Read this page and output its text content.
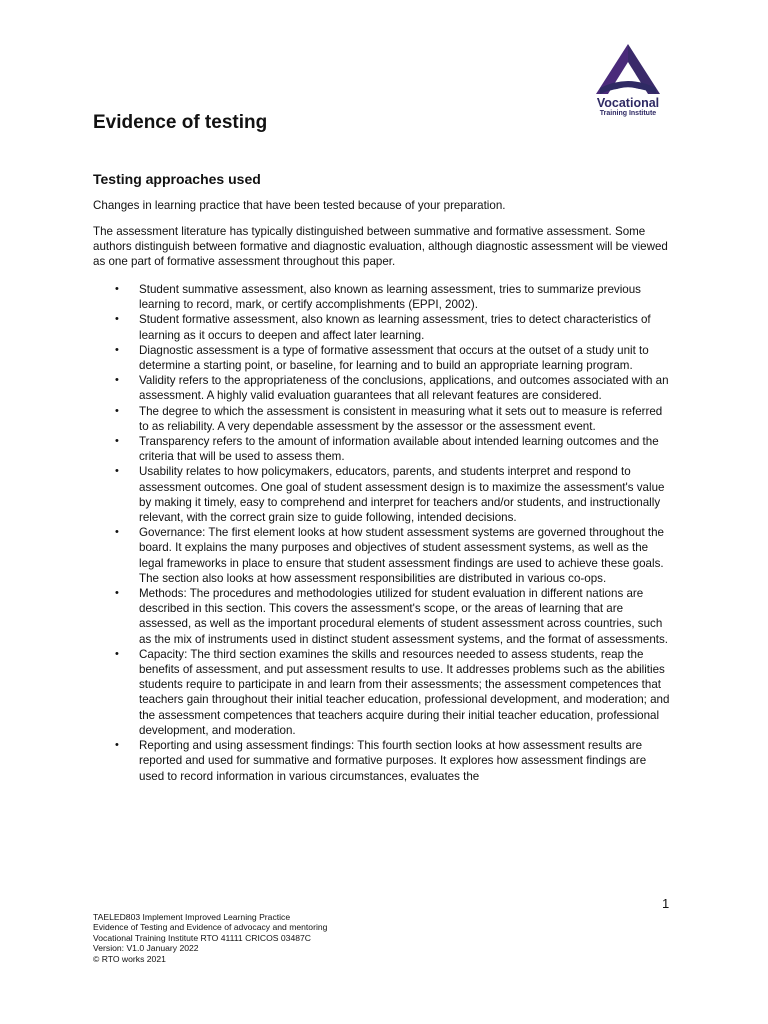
Vocational
Training Institute
Evidence of testing
Testing approaches used

Changes in learning practice that have been tested because of your preparation.

The assessment literature has typically distinguished between summative and formative assessment. Some authors distinguish between formative and diagnostic evaluation, although diagnostic assessment will be viewed as one part of formative assessment throughout this paper.

• Student summative assessment, also known as learning assessment, tries to summarize previous learning to record, mark, or certify accomplishments (EPPI, 2002).
• Student formative assessment, also known as learning assessment, tries to detect characteristics of learning as it occurs to deepen and affect later learning.
• Diagnostic assessment is a type of formative assessment that occurs at the outset of a study unit to determine a starting point, or baseline, for learning and to build an appropriate learning program.
• Validity refers to the appropriateness of the conclusions, applications, and outcomes associated with an assessment. A highly valid evaluation guarantees that all relevant features are considered.
• The degree to which the assessment is consistent in measuring what it sets out to measure is referred to as reliability. A very dependable assessment by the assessor or the assessment event.
• Transparency refers to the amount of information available about intended learning outcomes and the criteria that will be used to assess them.
• Usability relates to how policymakers, educators, parents, and students interpret and respond to assessment outcomes. One goal of student assessment design is to maximize the assessment's value by making it timely, easy to comprehend and interpret for teachers and/or students, and instructionally relevant, with the correct grain size to guide following, intended decisions.
• Governance: The first element looks at how student assessment systems are governed throughout the board. It explains the many purposes and objectives of student assessment systems, as well as the legal frameworks in place to ensure that student assessment findings are used to achieve these goals. The section also looks at how assessment responsibilities are distributed in various co-ops.
• Methods: The procedures and methodologies utilized for student evaluation in different nations are described in this section. This covers the assessment's scope, or the areas of learning that are assessed, as well as the important procedural elements of student assessment across countries, such as the mix of instruments used in distinct student assessment systems, and the format of assessments.
• Capacity: The third section examines the skills and resources needed to assess students, reap the benefits of assessment, and put assessment results to use. It addresses problems such as the abilities students require to participate in and learn from their assessments; the assessment competences that teachers gain throughout their initial teacher education, professional development, and moderation; and the assessment competences that teachers acquire during their initial teacher education, professional development, and moderation.
• Reporting and using assessment findings: This fourth section looks at how assessment results are reported and used for summative and formative purposes. It explores how assessment findings are used to record information in various circumstances, evaluates the
1
TAELED803 Implement Improved Learning Practice
Evidence of Testing and Evidence of advocacy and mentoring
Vocational Training Institute RTO 41111 CRICOS 03487C
Version: V1.0 January 2022
© RTO works 2021
